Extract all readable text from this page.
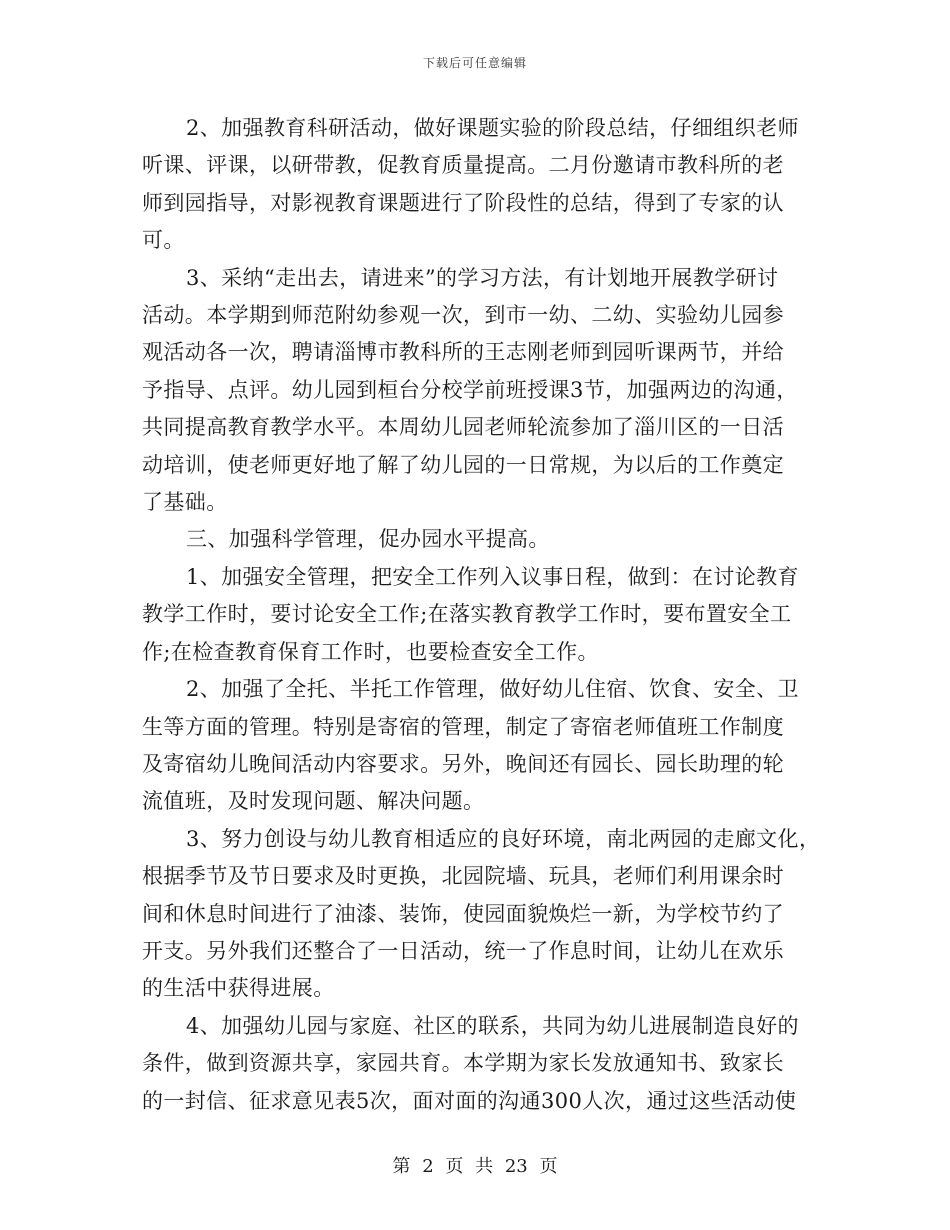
下载后可任意编辑

2、加强教育科研活动，做好课题实验的阶段总结，仔细组织老师
听课、评课，以研带教，促教育质量提高。二月份邀请市教科所的老
师到园指导，对影视教育课题进行了阶段性的总结，得到了专家的认
可。

3、采纳“走出去，请进来”的学习方法，有计划地开展教学研讨
活动。本学期到师范附幼参观一次，到市一幼、二幼、实验幼儿园参
观活动各一次，聘请淄博市教科所的王志刚老师到园听课两节，并给
予指导、点评。幼儿园到桓台分校学前班授课3节，加强两边的沟通，
共同提高教育教学水平。本周幼儿园老师轮流参加了淄川区的一日活
动培训，使老师更好地了解了幼儿园的一日常规，为以后的工作奠定
了基础。

三、加强科学管理，促办园水平提高。

1、加强安全管理，把安全工作列入议事日程，做到：在讨论教育
教学工作时，要讨论安全工作;在落实教育教学工作时，要布置安全工
作;在检查教育保育工作时，也要检查安全工作。

2、加强了全托、半托工作管理，做好幼儿住宿、饮食、安全、卫
生等方面的管理。特别是寄宿的管理，制定了寄宿老师值班工作制度
及寄宿幼儿晚间活动内容要求。另外，晚间还有园长、园长助理的轮
流值班，及时发现问题、解决问题。

3、努力创设与幼儿教育相适应的良好环境，南北两园的走廊文化，
根据季节及节日要求及时更换，北园院墙、玩具，老师们利用课余时
间和休息时间进行了油漆、装饰，使园面貌焕烂一新，为学校节约了
开支。另外我们还整合了一日活动，统一了作息时间，让幼儿在欢乐
的生活中获得进展。

4、加强幼儿园与家庭、社区的联系，共同为幼儿进展制造良好的
条件，做到资源共享，家园共育。本学期为家长发放通知书、致家长
的一封信、征求意见表5次，面对面的沟通300人次，通过这些活动使

第 2 页 共 23 页
